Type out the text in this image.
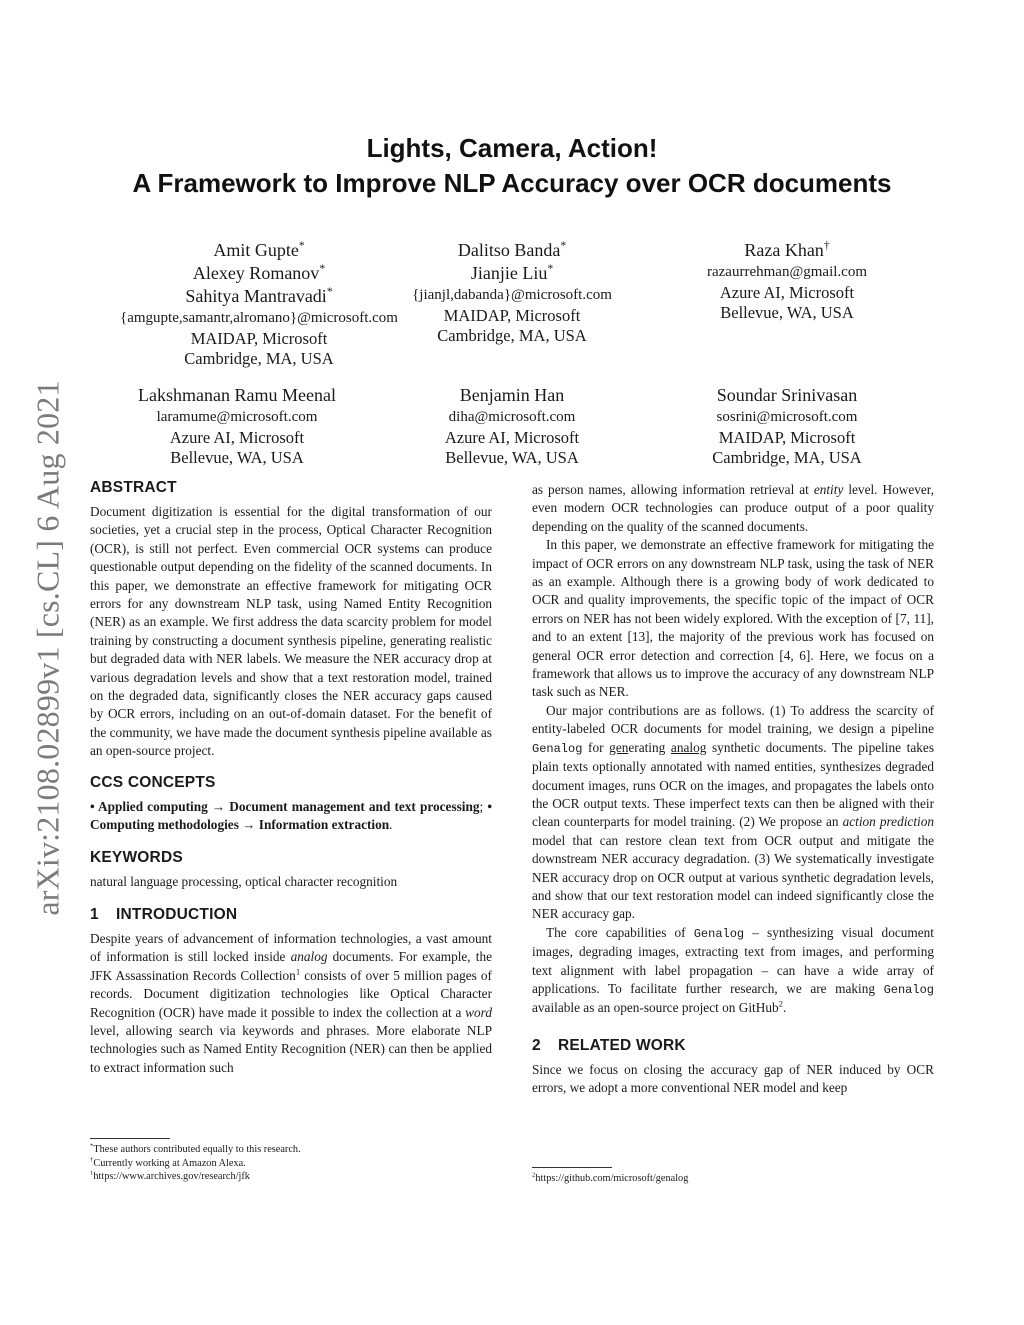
arXiv:2108.02899v1 [cs.CL] 6 Aug 2021
Lights, Camera, Action!
A Framework to Improve NLP Accuracy over OCR documents
Amit Gupte*
Alexey Romanov*
Sahitya Mantravadi*
{amgupte,samantr,alromano}@microsoft.com
MAIDAP, Microsoft
Cambridge, MA, USA
Dalitso Banda*
Jianjie Liu*
{jianjl,dabanda}@microsoft.com
MAIDAP, Microsoft
Cambridge, MA, USA
Raza Khan†
razaurrehman@gmail.com
Azure AI, Microsoft
Bellevue, WA, USA
Lakshmanan Ramu Meenal
laramume@microsoft.com
Azure AI, Microsoft
Bellevue, WA, USA
Benjamin Han
diha@microsoft.com
Azure AI, Microsoft
Bellevue, WA, USA
Soundar Srinivasan
sosrini@microsoft.com
MAIDAP, Microsoft
Cambridge, MA, USA
ABSTRACT

Document digitization is essential for the digital transformation of our societies, yet a crucial step in the process, Optical Character Recognition (OCR), is still not perfect. Even commercial OCR systems can produce questionable output depending on the fidelity of the scanned documents. In this paper, we demonstrate an effective framework for mitigating OCR errors for any downstream NLP task, using Named Entity Recognition (NER) as an example. We first address the data scarcity problem for model training by constructing a document synthesis pipeline, generating realistic but degraded data with NER labels. We measure the NER accuracy drop at various degradation levels and show that a text restoration model, trained on the degraded data, significantly closes the NER accuracy gaps caused by OCR errors, including on an out-of-domain dataset. For the benefit of the community, we have made the document synthesis pipeline available as an open-source project.

CCS CONCEPTS

• Applied computing → Document management and text processing; • Computing methodologies → Information extraction.

KEYWORDS

natural language processing, optical character recognition

1 INTRODUCTION

Despite years of advancement of information technologies, a vast amount of information is still locked inside analog documents. For example, the JFK Assassination Records Collection$^1$ consists of over 5 million pages of records. Document digitization technologies like Optical Character Recognition (OCR) have made it possible to index the collection at a word level, allowing search via keywords and phrases. More elaborate NLP technologies such as Named Entity Recognition (NER) can then be applied to extract information such

as person names, allowing information retrieval at entity level. However, even modern OCR technologies can produce output of a poor quality depending on the quality of the scanned documents.

In this paper, we demonstrate an effective framework for mitigating the impact of OCR errors on any downstream NLP task, using the task of NER as an example. Although there is a growing body of work dedicated to OCR and quality improvements, the specific topic of the impact of OCR errors on NER has not been widely explored. With the exception of [7, 11], and to an extent [13], the majority of the previous work has focused on general OCR error detection and correction [4, 6]. Here, we focus on a framework that allows us to improve the accuracy of any downstream NLP task such as NER.

Our major contributions are as follows. (1) To address the scarcity of entity-labeled OCR documents for model training, we design a pipeline Genalog for generating analog synthetic documents. The pipeline takes plain texts optionally annotated with named entities, synthesizes degraded document images, runs OCR on the images, and propagates the labels onto the OCR output texts. These imperfect texts can then be aligned with their clean counterparts for model training. (2) We propose an action prediction model that can restore clean text from OCR output and mitigate the downstream NER accuracy degradation. (3) We systematically investigate NER accuracy drop on OCR output at various synthetic degradation levels, and show that our text restoration model can indeed significantly close the NER accuracy gap.

The core capabilities of Genalog – synthesizing visual document images, degrading images, extracting text from images, and performing text alignment with label propagation – can have a wide array of applications. To facilitate further research, we are making Genalog available as an open-source project on GitHub$^2$.

2 RELATED WORK

Since we focus on closing the accuracy gap of NER induced by OCR errors, we adopt a more conventional NER model and keep

*These authors contributed equally to this research.
†Currently working at Amazon Alexa.
$^1$https://www.archives.gov/research/jfk	$^2$https://github.com/microsoft/genalog
